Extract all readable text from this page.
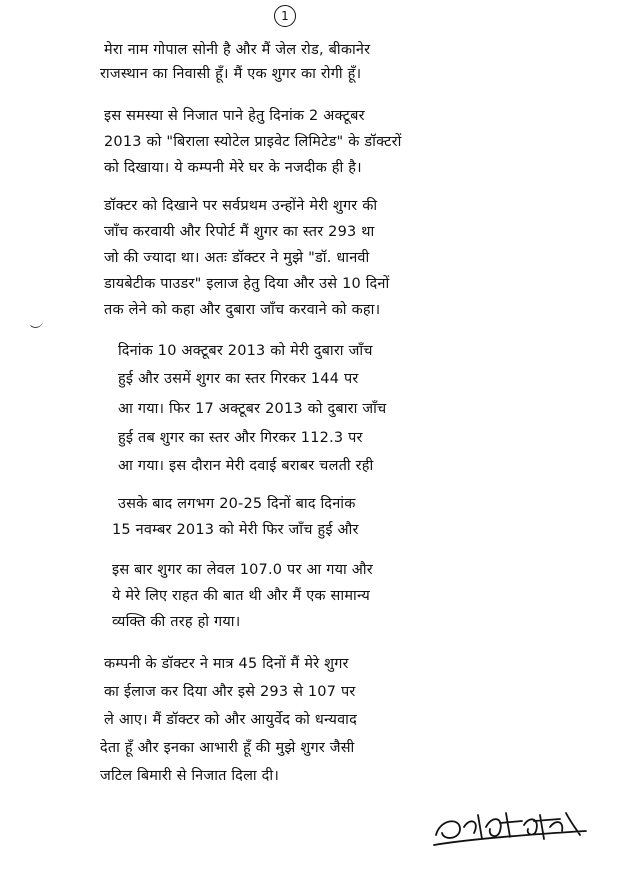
1
मेरा नाम गोपाल सोनी है और मैं जेल रोड, बीकानेर
राजस्थान का निवासी हूँ। मैं एक शुगर का रोगी हूँ।
इस समस्या से निजात पाने हेतु दिनांक 2 अक्टूबर
2013 को "बिराला स्योटेल प्राइवेट लिमिटेड" के डॉक्टरों
को दिखाया। ये कम्पनी मेरे घर के नजदीक ही है।
डॉक्टर को दिखाने पर सर्वप्रथम उन्होंने मेरी शुगर की
जाँच करवायी और रिपोर्ट मैं शुगर का स्तर 293 था
जो की ज्यादा था। अतः डॉक्टर ने मुझे "डॉ. धानवी
डायबेटीक पाउडर" इलाज हेतु दिया और उसे 10 दिनों
तक लेने को कहा और दुबारा जाँच करवाने को कहा।
दिनांक 10 अक्टूबर 2013 को मेरी दुबारा जाँच
हुई और उसमें शुगर का स्तर गिरकर 144 पर
आ गया। फिर 17 अक्टूबर 2013 को दुबारा जाँच
हुई तब शुगर का स्तर और गिरकर 112.3 पर
आ गया। इस दौरान मेरी दवाई बराबर चलती रही
उसके बाद लगभग 20-25 दिनों बाद दिनांक
15 नवम्बर 2013 को मेरी फिर जाँच हुई और
इस बार शुगर का लेवल 107.0 पर आ गया और
ये मेरे लिए राहत की बात थी और मैं एक सामान्य
व्यक्ति की तरह हो गया।
कम्पनी के डॉक्टर ने मात्र 45 दिनों मैं मेरे शुगर
का ईलाज कर दिया और इसे 293 से 107 पर
ले आए। मैं डॉक्टर को और आयुर्वेद को धन्यवाद
देता हूँ और इनका आभारी हूँ की मुझे शुगर जैसी
जटिल बिमारी से निजात दिला दी।
